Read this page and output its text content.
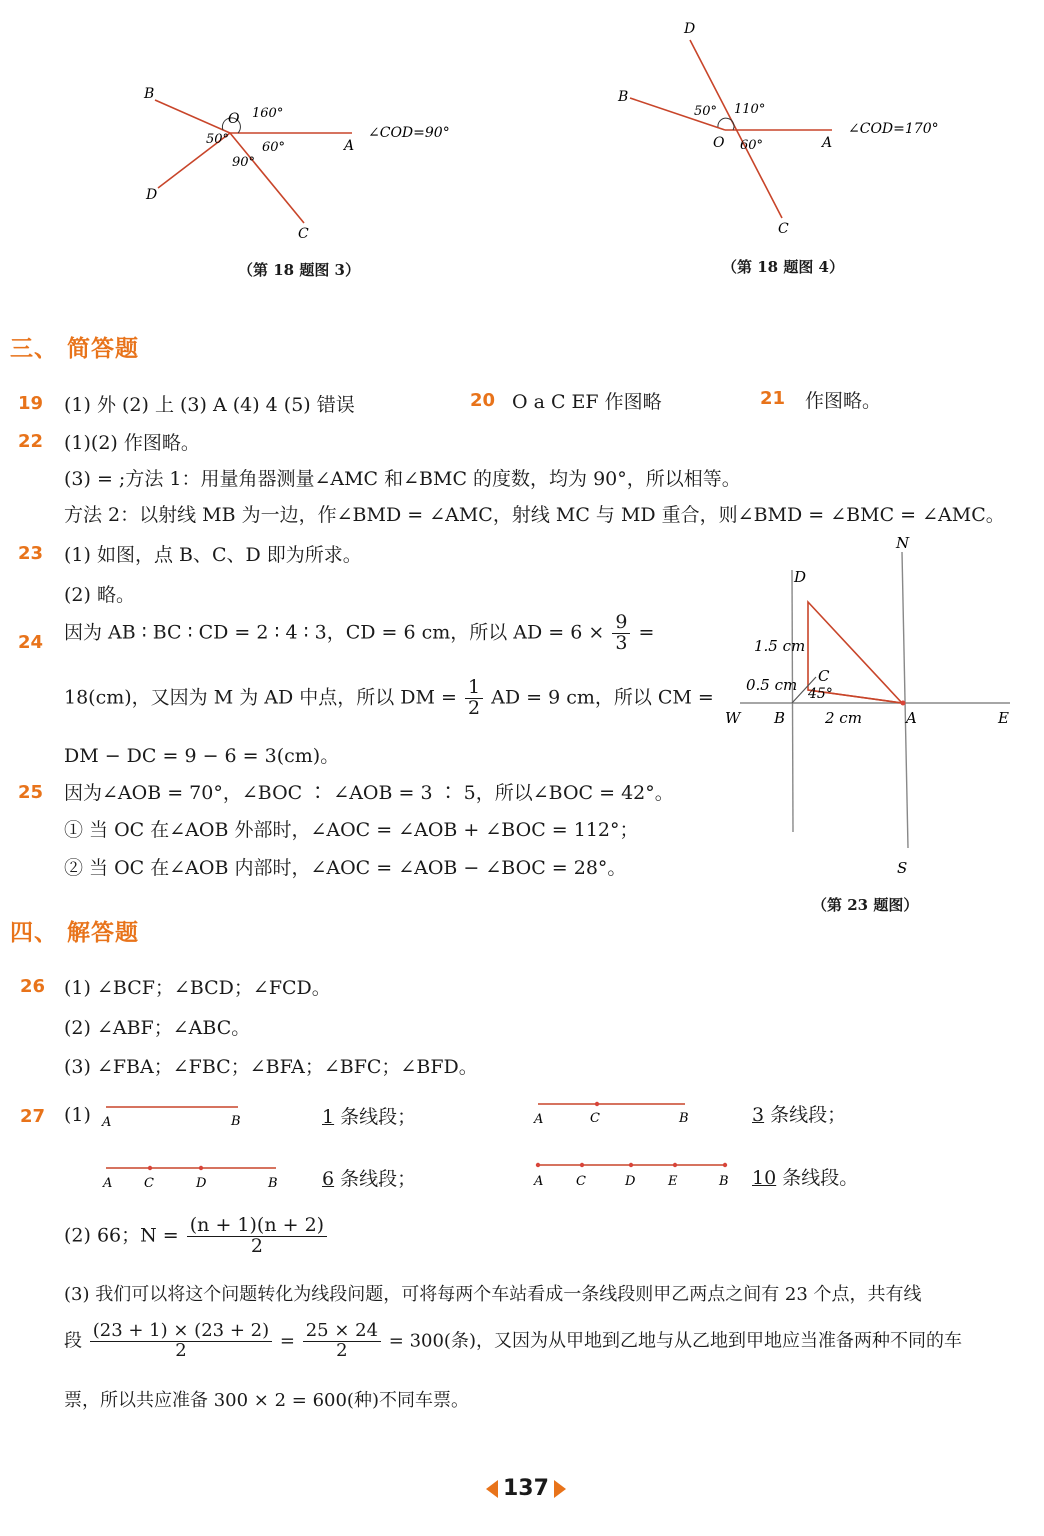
B
O 160°
50°
60°
90°
A
∠COD=90°
D
C
（第 18 题图 3）
D
B
50° 110°
O 60°	A
∠COD=170°
C
（第 18 题图 4）
三、 简答题
19 (1) 外 (2) 上 (3) A (4) 4 (5) 错误	20 O a C EF 作图略	21 作图略。
22 (1)(2) 作图略。
(3) = ;方法 1：用量角器测量∠AMC 和∠BMC 的度数，均为 90°，所以相等。
方法 2：以射线 MB 为一边，作∠BMD = ∠AMC，射线 MC 与 MD 重合，则∠BMD = ∠BMC = ∠AMC。
23 (1) 如图，点 B、C、D 即为所求。
(2) 略。
24 因为 AB ∶ BC ∶ CD = 2 ∶ 4 ∶ 3，CD = 6 cm，所以 AD = $6 \times \frac{9}{3}$ =
18(cm)，又因为 M 为 AD 中点，所以 DM = $\frac{1}{2}$ AD = 9 cm，所以 CM =
DM − DC = 9 − 6 = 3(cm)。
25 因为∠AOB = 70°，∠BOC ∶ ∠AOB = 3 ∶ 5，所以∠BOC = 42°。
① 当 OC 在∠AOB 外部时，∠AOC = ∠AOB + ∠BOC = 112°；
② 当 OC 在∠AOB 内部时，∠AOC = ∠AOB − ∠BOC = 28°。
N
D
1.5 cm
C
0.5 cm 45°
W B	2 cm	A	E
S
（第 23 题图）
四、 解答题
26 (1) ∠BCF；∠BCD；∠FCD。
(2) ∠ABF；∠ABC。
(3) ∠FBA；∠FBC；∠BFA；∠BFC；∠BFD。
27 (1) A	B	1 条线段；	A	C	B	3 条线段；
A C	D	B 6 条线段；	A	C	D	E	B 10 条线段。
(2) 66；$N = \frac{(n + 1)(n + 2)}{2}$
(3) 我们可以将这个问题转化为线段问题，可将每两个车站看成一条线段则甲乙两点之间有 23 个点，共有线
段 $\frac{(23 + 1) \times (23 + 2)}{2} = \frac{25 \times 24}{2} = 300$(条)，又因为从甲地到乙地与从乙地到甲地应当准备两种不同的车
票，所以共应准备 300 × 2 = 600(种)不同车票。
137
